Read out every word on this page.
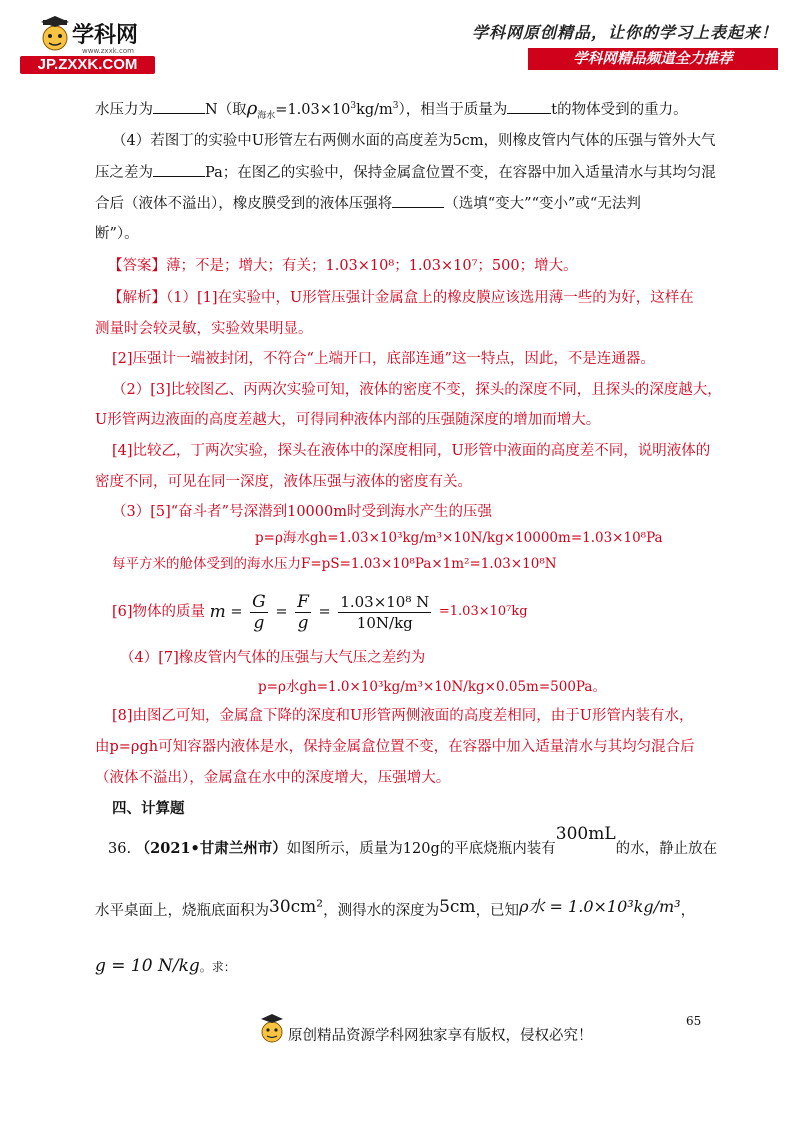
学科网
www.zxxk.com
JP.ZXXK.COM
学科网原创精品，让你的学习上表起来！
学科网精品频道全力推荐
水压力为	N（取$\rho_{海水}=1.03\times 10^3kg/m^3$），相当于质量为	t的物体受到的重力。
（4）若图丁的实验中U形管左右两侧水面的高度差为5cm，则橡皮管内气体的压强与管外大气
压之差为	Pa；在图乙的实验中，保持金属盒位置不变，在容器中加入适量清水与其均匀混
合后（液体不溢出），橡皮膜受到的液体压强将	（选填“变大”“变小”或“无法判
断”）。
【答案】薄；不是；增大；有关；1.03×10⁸；1.03×10⁷；500；增大。
【解析】（1）[1]在实验中，U形管压强计金属盒上的橡皮膜应该选用薄一些的为好，这样在
测量时会较灵敏，实验效果明显。
[2]压强计一端被封闭，不符合“上端开口，底部连通”这一特点，因此，不是连通器。
（2）[3]比较图乙、丙两次实验可知，液体的密度不变，探头的深度不同，且探头的深度越大，
U形管两边液面的高度差越大，可得同种液体内部的压强随深度的增加而增大。
[4]比较乙，丁两次实验，探头在液体中的深度相同，U形管中液面的高度差不同，说明液体的
密度不同，可见在同一深度，液体压强与液体的密度有关。
（3）[5]“奋斗者”号深潜到10000m时受到海水产生的压强
p=ρ海水gh=1.03×10³kg/m³×10N/kg×10000m=1.03×10⁸Pa
每平方米的舱体受到的海水压力F=pS=1.03×10⁸Pa×1m²=1.03×10⁸N
[6]物体的质量 $m = \frac{G}{g} = \frac{F}{g} = \frac{\text{1.03×10⁸ N}}{10N/kg} =1.03\times 10^7kg$
（4）[7]橡皮管内气体的压强与大气压之差约为
p=ρ水gh=1.0×10³kg/m³×10N/kg×0.05m=500Pa。
[8]由图乙可知，金属盒下降的深度和U形管两侧液面的高度差相同，由于U形管内装有水，
由p=ρgh可知容器内液体是水，保持金属盒位置不变，在容器中加入适量清水与其均匀混合后
（液体不溢出），金属盒在水中的深度增大，压强增大。
四、计算题
36. （2021•甘肃兰州市）如图所示，质量为120g的平底烧瓶内装有300mL的水，静止放在
水平桌面上，烧瓶底面积为30cm²，测得水的深度为5cm，已知ρ水 = 1.0×10³kg/m³，
g = 10 N/kg。求：
原创精品资源学科网独家享有版权，侵权必究！
65
